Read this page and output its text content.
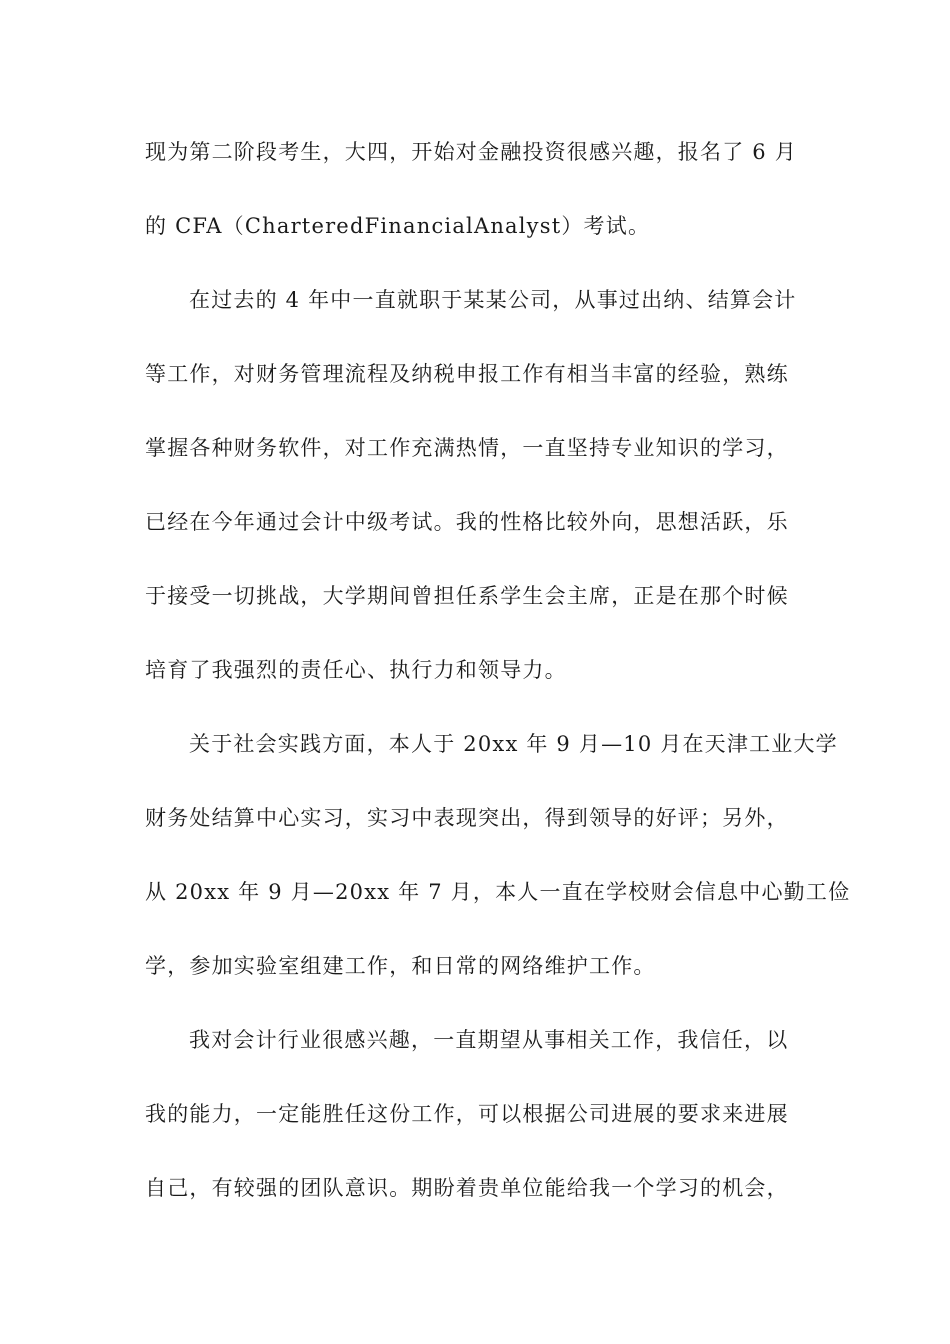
现为第二阶段考生，大四，开始对金融投资很感兴趣，报名了 6 月
的 CFA（CharteredFinancialAnalyst）考试。
在过去的 4 年中一直就职于某某公司，从事过出纳、结算会计
等工作，对财务管理流程及纳税申报工作有相当丰富的经验，熟练
掌握各种财务软件，对工作充满热情，一直坚持专业知识的学习，
已经在今年通过会计中级考试。我的性格比较外向，思想活跃，乐
于接受一切挑战，大学期间曾担任系学生会主席，正是在那个时候
培育了我强烈的责任心、执行力和领导力。
关于社会实践方面，本人于 20xx 年 9 月—10 月在天津工业大学
财务处结算中心实习，实习中表现突出，得到领导的好评；另外，
从 20xx 年 9 月—20xx 年 7 月，本人一直在学校财会信息中心勤工俭
学，参加实验室组建工作，和日常的网络维护工作。
我对会计行业很感兴趣，一直期望从事相关工作，我信任，以
我的能力，一定能胜任这份工作，可以根据公司进展的要求来进展
自己，有较强的团队意识。期盼着贵单位能给我一个学习的机会，
